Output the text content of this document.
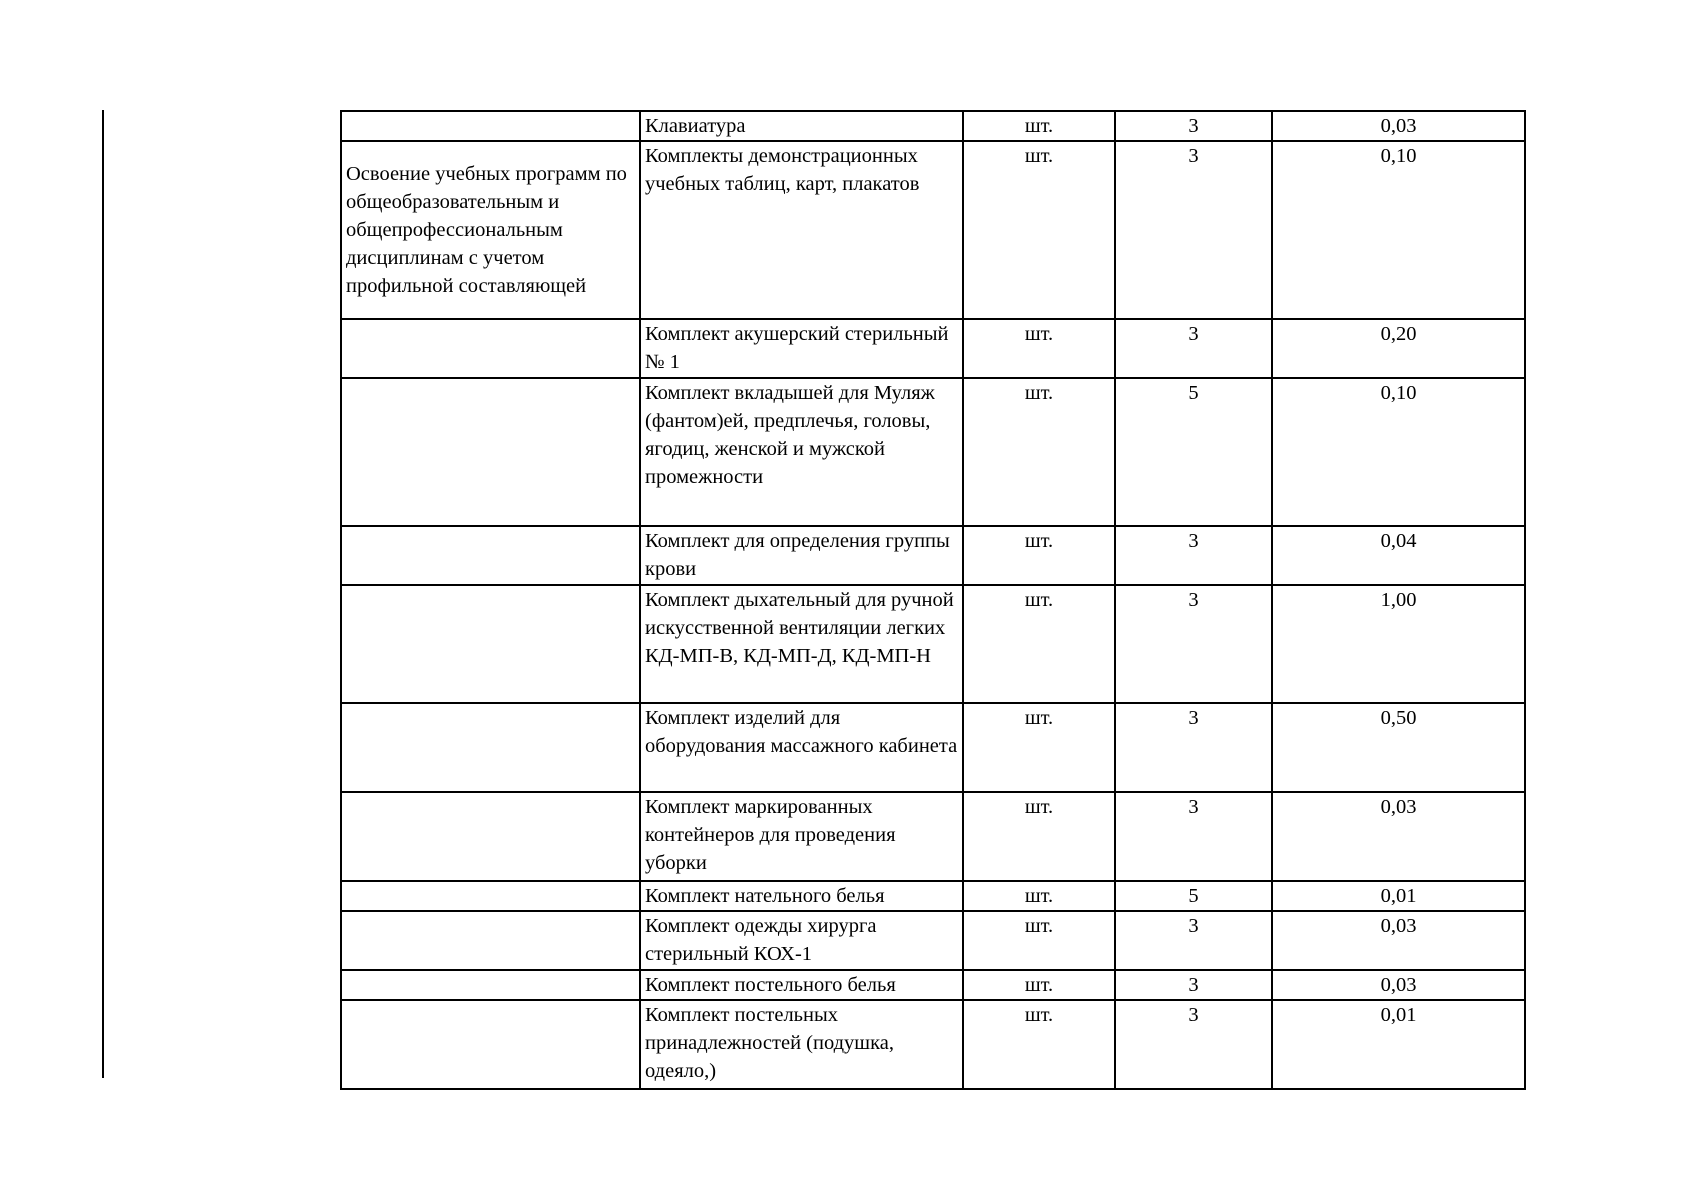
	Клавиатура	шт.	3	0,03
Освоение учебных программ по общеобразовательным и общепрофессиональным дисциплинам с учетом профильной составляющей	Комплекты демонстрационных учебных таблиц, карт, плакатов	шт.	3	0,10
	Комплект акушерский стерильный № 1	шт.	3	0,20
	Комплект вкладышей для Муляж (фантом)ей, предплечья, головы, ягодиц, женской и мужской промежности	шт.	5	0,10
	Комплект для определения группы крови	шт.	3	0,04
	Комплект дыхательный для ручной искусственной вентиляции легких КД-МП-В, КД-МП-Д, КД-МП-Н	шт.	3	1,00
	Комплект изделий для оборудования массажного кабинета	шт.	3	0,50
	Комплект маркированных контейнеров для проведения уборки	шт.	3	0,03
	Комплект нательного белья	шт.	5	0,01
	Комплект одежды хирурга стерильный КОХ-1	шт.	3	0,03
	Комплект постельного белья	шт.	3	0,03
	Комплект постельных принадлежностей (подушка, одеяло,)	шт.	3	0,01
